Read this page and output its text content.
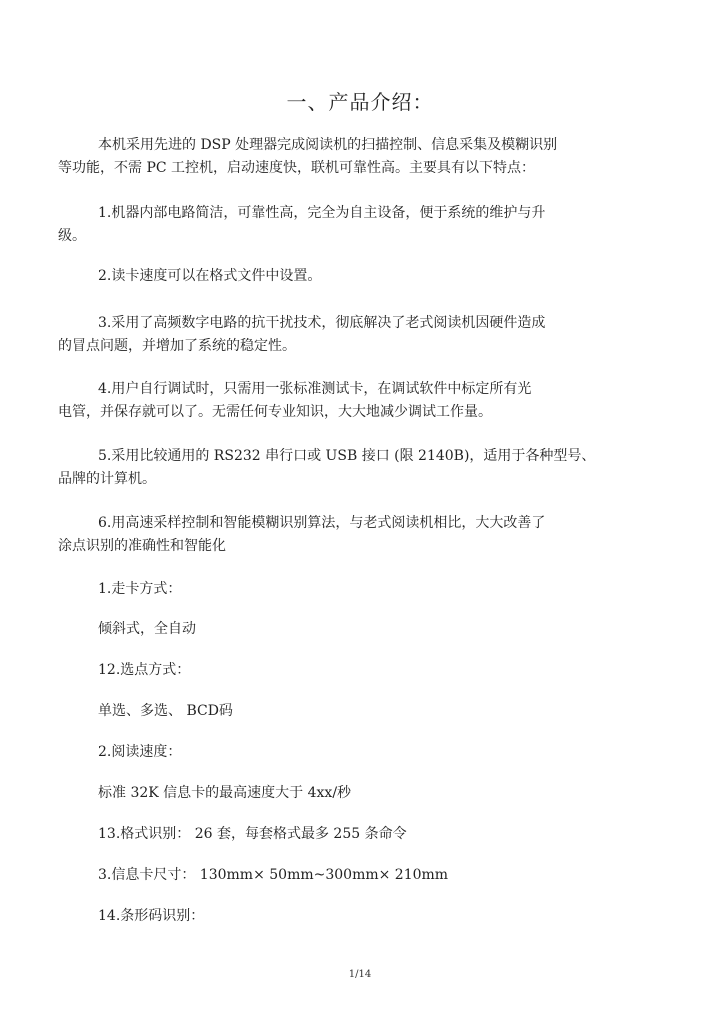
一、产品介绍：
本机采用先进的 DSP 处理器完成阅读机的扫描控制、信息采集及模糊识别
等功能，不需 PC 工控机，启动速度快，联机可靠性高。主要具有以下特点：
1.机器内部电路简洁，可靠性高，完全为自主设备，便于系统的维护与升
级。
2.读卡速度可以在格式文件中设置。
3.采用了高频数字电路的抗干扰技术，彻底解决了老式阅读机因硬件造成
的冒点问题，并增加了系统的稳定性。
4.用户自行调试时，只需用一张标准测试卡，在调试软件中标定所有光
电管，并保存就可以了。无需任何专业知识，大大地减少调试工作量。
5.采用比较通用的 RS232 串行口或 USB 接口 (限 2140B)，适用于各种型号、
品牌的计算机。
6.用高速采样控制和智能模糊识别算法，与老式阅读机相比，大大改善了
涂点识别的准确性和智能化
1.走卡方式：
倾斜式，全自动
12.选点方式：
单选、多选、 BCD码
2.阅读速度：
标准 32K 信息卡的最高速度大于 4xx/秒
13.格式识别： 26 套，每套格式最多 255 条命令
3.信息卡尺寸： 130mm× 50mm~300mm× 210mm
14.条形码识别：
1/14
